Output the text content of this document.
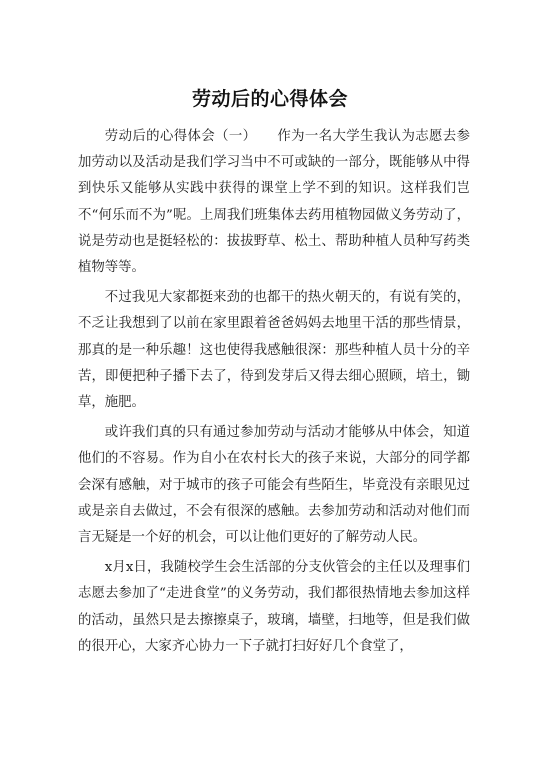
劳动后的心得体会

劳动后的心得体会（一）　　作为一名大学生我认为志愿去参加劳动以及活动是我们学习当中不可或缺的一部分，既能够从中得到快乐又能够从实践中获得的课堂上学不到的知识。这样我们岂不“何乐而不为”呢。上周我们班集体去药用植物园做义务劳动了，说是劳动也是挺轻松的：拔拔野草、松土、帮助种植人员种写药类植物等等。

不过我见大家都挺来劲的也都干的热火朝天的，有说有笑的，不乏让我想到了以前在家里跟着爸爸妈妈去地里干活的那些情景，那真的是一种乐趣！这也使得我感触很深：那些种植人员十分的辛苦，即便把种子播下去了，待到发芽后又得去细心照顾，培土，锄草，施肥。

或许我们真的只有通过参加劳动与活动才能够从中体会，知道他们的不容易。作为自小在农村长大的孩子来说，大部分的同学都会深有感触，对于城市的孩子可能会有些陌生，毕竟没有亲眼见过或是亲自去做过，不会有很深的感触。去参加劳动和活动对他们而言无疑是一个好的机会，可以让他们更好的了解劳动人民。

x月x日，我随校学生会生活部的分支伙管会的主任以及理事们志愿去参加了“走进食堂”的义务劳动，我们都很热情地去参加这样的活动，虽然只是去擦擦桌子，玻璃，墙壁，扫地等，但是我们做的很开心，大家齐心协力一下子就打扫好好几个食堂了，
